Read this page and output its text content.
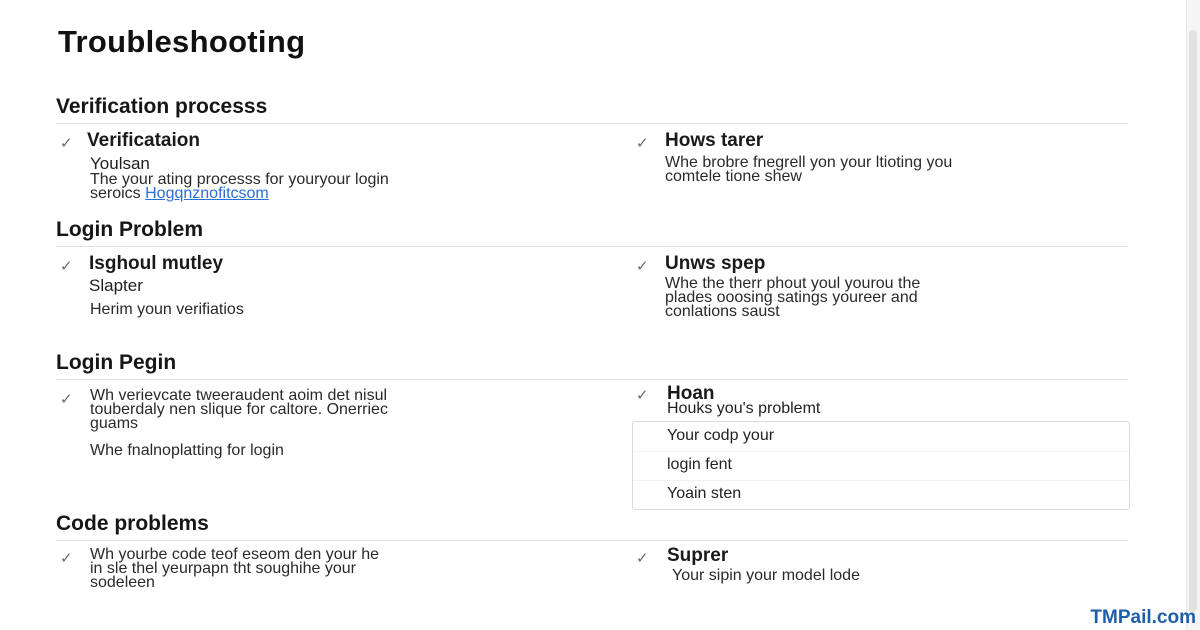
Troubleshooting
Verification processs
✓ Verificataion
Youlsan

The your ating processs for youryour login

seroics Hogqnznofitcsom

✓ Hows tarer

Whe brobre fnegrell yon your ltioting you

comtele tione shew

Login Problem
✓ Isghoul mutley
Slapter

Herim youn verifiatios

✓ Unws spep

Whe the therr phout youl yourou the

plades ooosing satings youreer and

conlations saust

Login Pegin
✓ Wh verievcate tweeraudent aoim det nisul

touberdaly nen slique for caltore. Onerriec

guams

Whe fnalnoplatting for login

✓ Hoan
Houks you's problemt
Your codp your
login fent
Yoain sten
Code problems
✓ Wh yourbe code teof eseom den your he

in sle thel yeurpapn tht soughihe your

sodeleen

✓ Suprer

Your sipin your model lode

TMPail.com
